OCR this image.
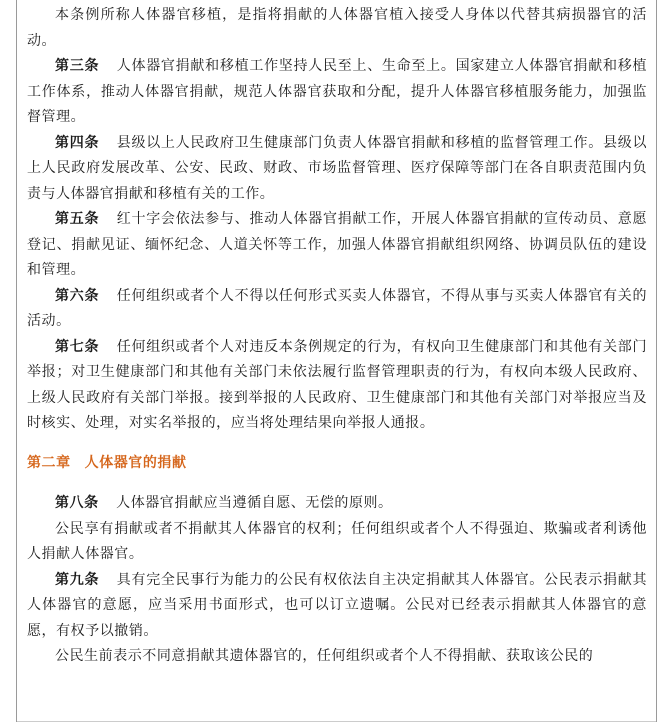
本条例所称人体器官移植，是指将捐献的人体器官植入接受人身体以代替其病损器官的活动。

第三条 人体器官捐献和移植工作坚持人民至上、生命至上。国家建立人体器官捐献和移植工作体系，推动人体器官捐献，规范人体器官获取和分配，提升人体器官移植服务能力，加强监督管理。

第四条 县级以上人民政府卫生健康部门负责人体器官捐献和移植的监督管理工作。县级以上人民政府发展改革、公安、民政、财政、市场监督管理、医疗保障等部门在各自职责范围内负责与人体器官捐献和移植有关的工作。

第五条 红十字会依法参与、推动人体器官捐献工作，开展人体器官捐献的宣传动员、意愿登记、捐献见证、缅怀纪念、人道关怀等工作，加强人体器官捐献组织网络、协调员队伍的建设和管理。

第六条 任何组织或者个人不得以任何形式买卖人体器官，不得从事与买卖人体器官有关的活动。

第七条 任何组织或者个人对违反本条例规定的行为，有权向卫生健康部门和其他有关部门举报；对卫生健康部门和其他有关部门未依法履行监督管理职责的行为，有权向本级人民政府、上级人民政府有关部门举报。接到举报的人民政府、卫生健康部门和其他有关部门对举报应当及时核实、处理，对实名举报的，应当将处理结果向举报人通报。

第二章 人体器官的捐献

第八条 人体器官捐献应当遵循自愿、无偿的原则。

公民享有捐献或者不捐献其人体器官的权利；任何组织或者个人不得强迫、欺骗或者利诱他人捐献人体器官。

第九条 具有完全民事行为能力的公民有权依法自主决定捐献其人体器官。公民表示捐献其人体器官的意愿，应当采用书面形式，也可以订立遗嘱。公民对已经表示捐献其人体器官的意愿，有权予以撤销。

公民生前表示不同意捐献其遗体器官的，任何组织或者个人不得捐献、获取该公民的
